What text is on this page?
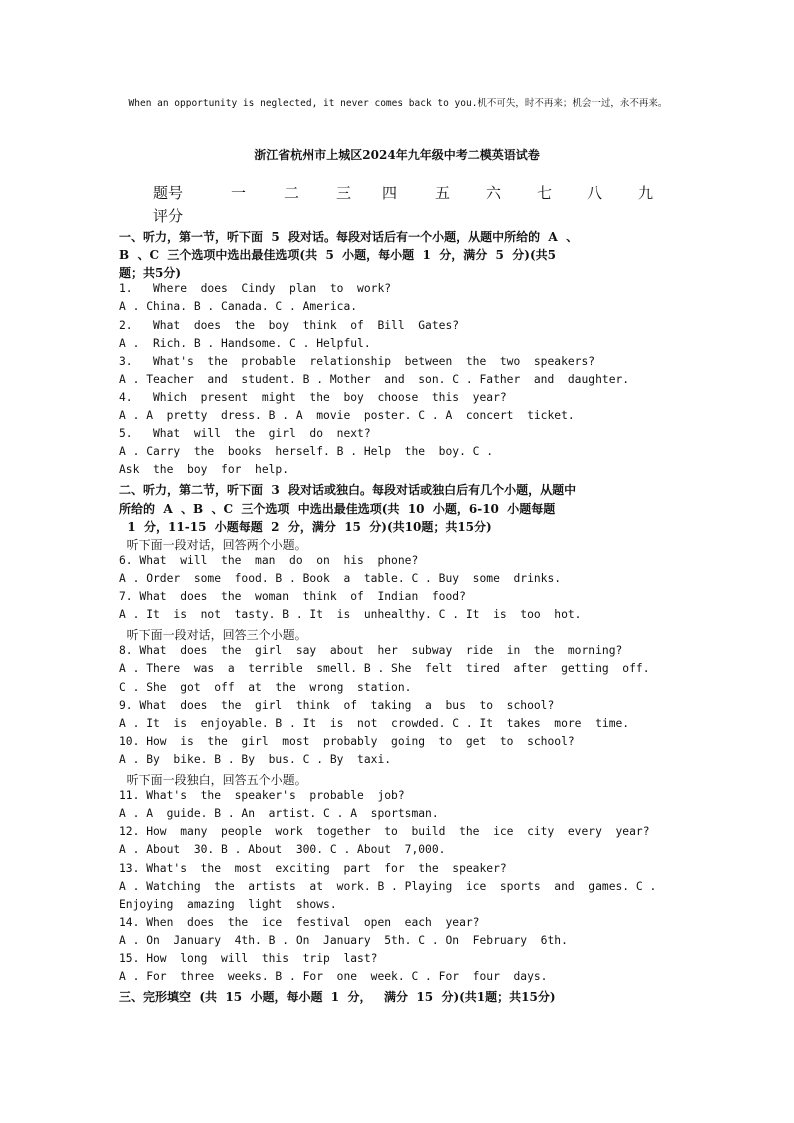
When an opportunity is neglected, it never comes back to you.机不可失，时不再来；机会一过，永不再来。
浙江省杭州市上城区2024年九年级中考二模英语试卷
题号	一	二 三 四	五 六 七 八 九
评分
一、听力，第一节，听下面  5  段对话。每段对话后有一个小题，从题中所给的  A  、
B  、C  三个选项中选出最佳选项(共  5  小题，每小题  1  分，满分  5  分)(共5
题；共5分)
1.   Where  does  Cindy  plan  to  work?
A . China. B . Canada. C . America.
2.   What  does  the  boy  think  of  Bill  Gates?
A .  Rich. B . Handsome. C . Helpful.
3.   What's  the  probable  relationship  between  the  two  speakers?
A . Teacher  and  student. B . Mother  and  son. C . Father  and  daughter.
4.   Which  present  might  the  boy  choose  this  year?
A . A  pretty  dress. B . A  movie  poster. C . A  concert  ticket.
5.   What  will  the  girl  do  next?
A . Carry  the  books  herself. B . Help  the  boy. C .
Ask  the  boy  for  help.
二、听力，第二节，听下面  3  段对话或独白。每段对话或独白后有几个小题，从题中
所给的  A  、B  、C  三个选项  中选出最佳选项(共  10  小题，6-10  小题每题
1  分，11-15  小题每题  2  分，满分  15  分)(共10题；共15分)
听下面一段对话，回答两个小题。
6. What  will  the  man  do  on  his  phone?
A . Order  some  food. B . Book  a  table. C . Buy  some  drinks.
7. What  does  the  woman  think  of  Indian  food?
A . It  is  not  tasty. B . It  is  unhealthy. C . It  is  too  hot.
听下面一段对话，回答三个小题。
8. What  does  the  girl  say  about  her  subway  ride  in  the  morning?
A . There  was  a  terrible  smell. B . She  felt  tired  after  getting  off.
C . She  got  off  at  the  wrong  station.
9. What  does  the  girl  think  of  taking  a  bus  to  school?
A . It  is  enjoyable. B . It  is  not  crowded. C . It  takes  more  time.
10. How  is  the  girl  most  probably  going  to  get  to  school?
A . By  bike. B . By  bus. C . By  taxi.
听下面一段独白，回答五个小题。
11. What's  the  speaker's  probable  job?
A . A  guide. B . An  artist. C . A  sportsman.
12. How  many  people  work  together  to  build  the  ice  city  every  year?
A . About  30. B . About  300. C . About  7,000.
13. What's  the  most  exciting  part  for  the  speaker?
A . Watching  the  artists  at  work. B . Playing  ice  sports  and  games. C .
Enjoying  amazing  light  shows.
14. When  does  the  ice  festival  open  each  year?
A . On  January  4th. B . On  January  5th. C . On  February  6th.
15. How  long  will  this  trip  last?
A . For  three  weeks. B . For  one  week. C . For  four  days.
三、完形填空  (共  15  小题，每小题  1  分，   满分  15  分)(共1题；共15分)
